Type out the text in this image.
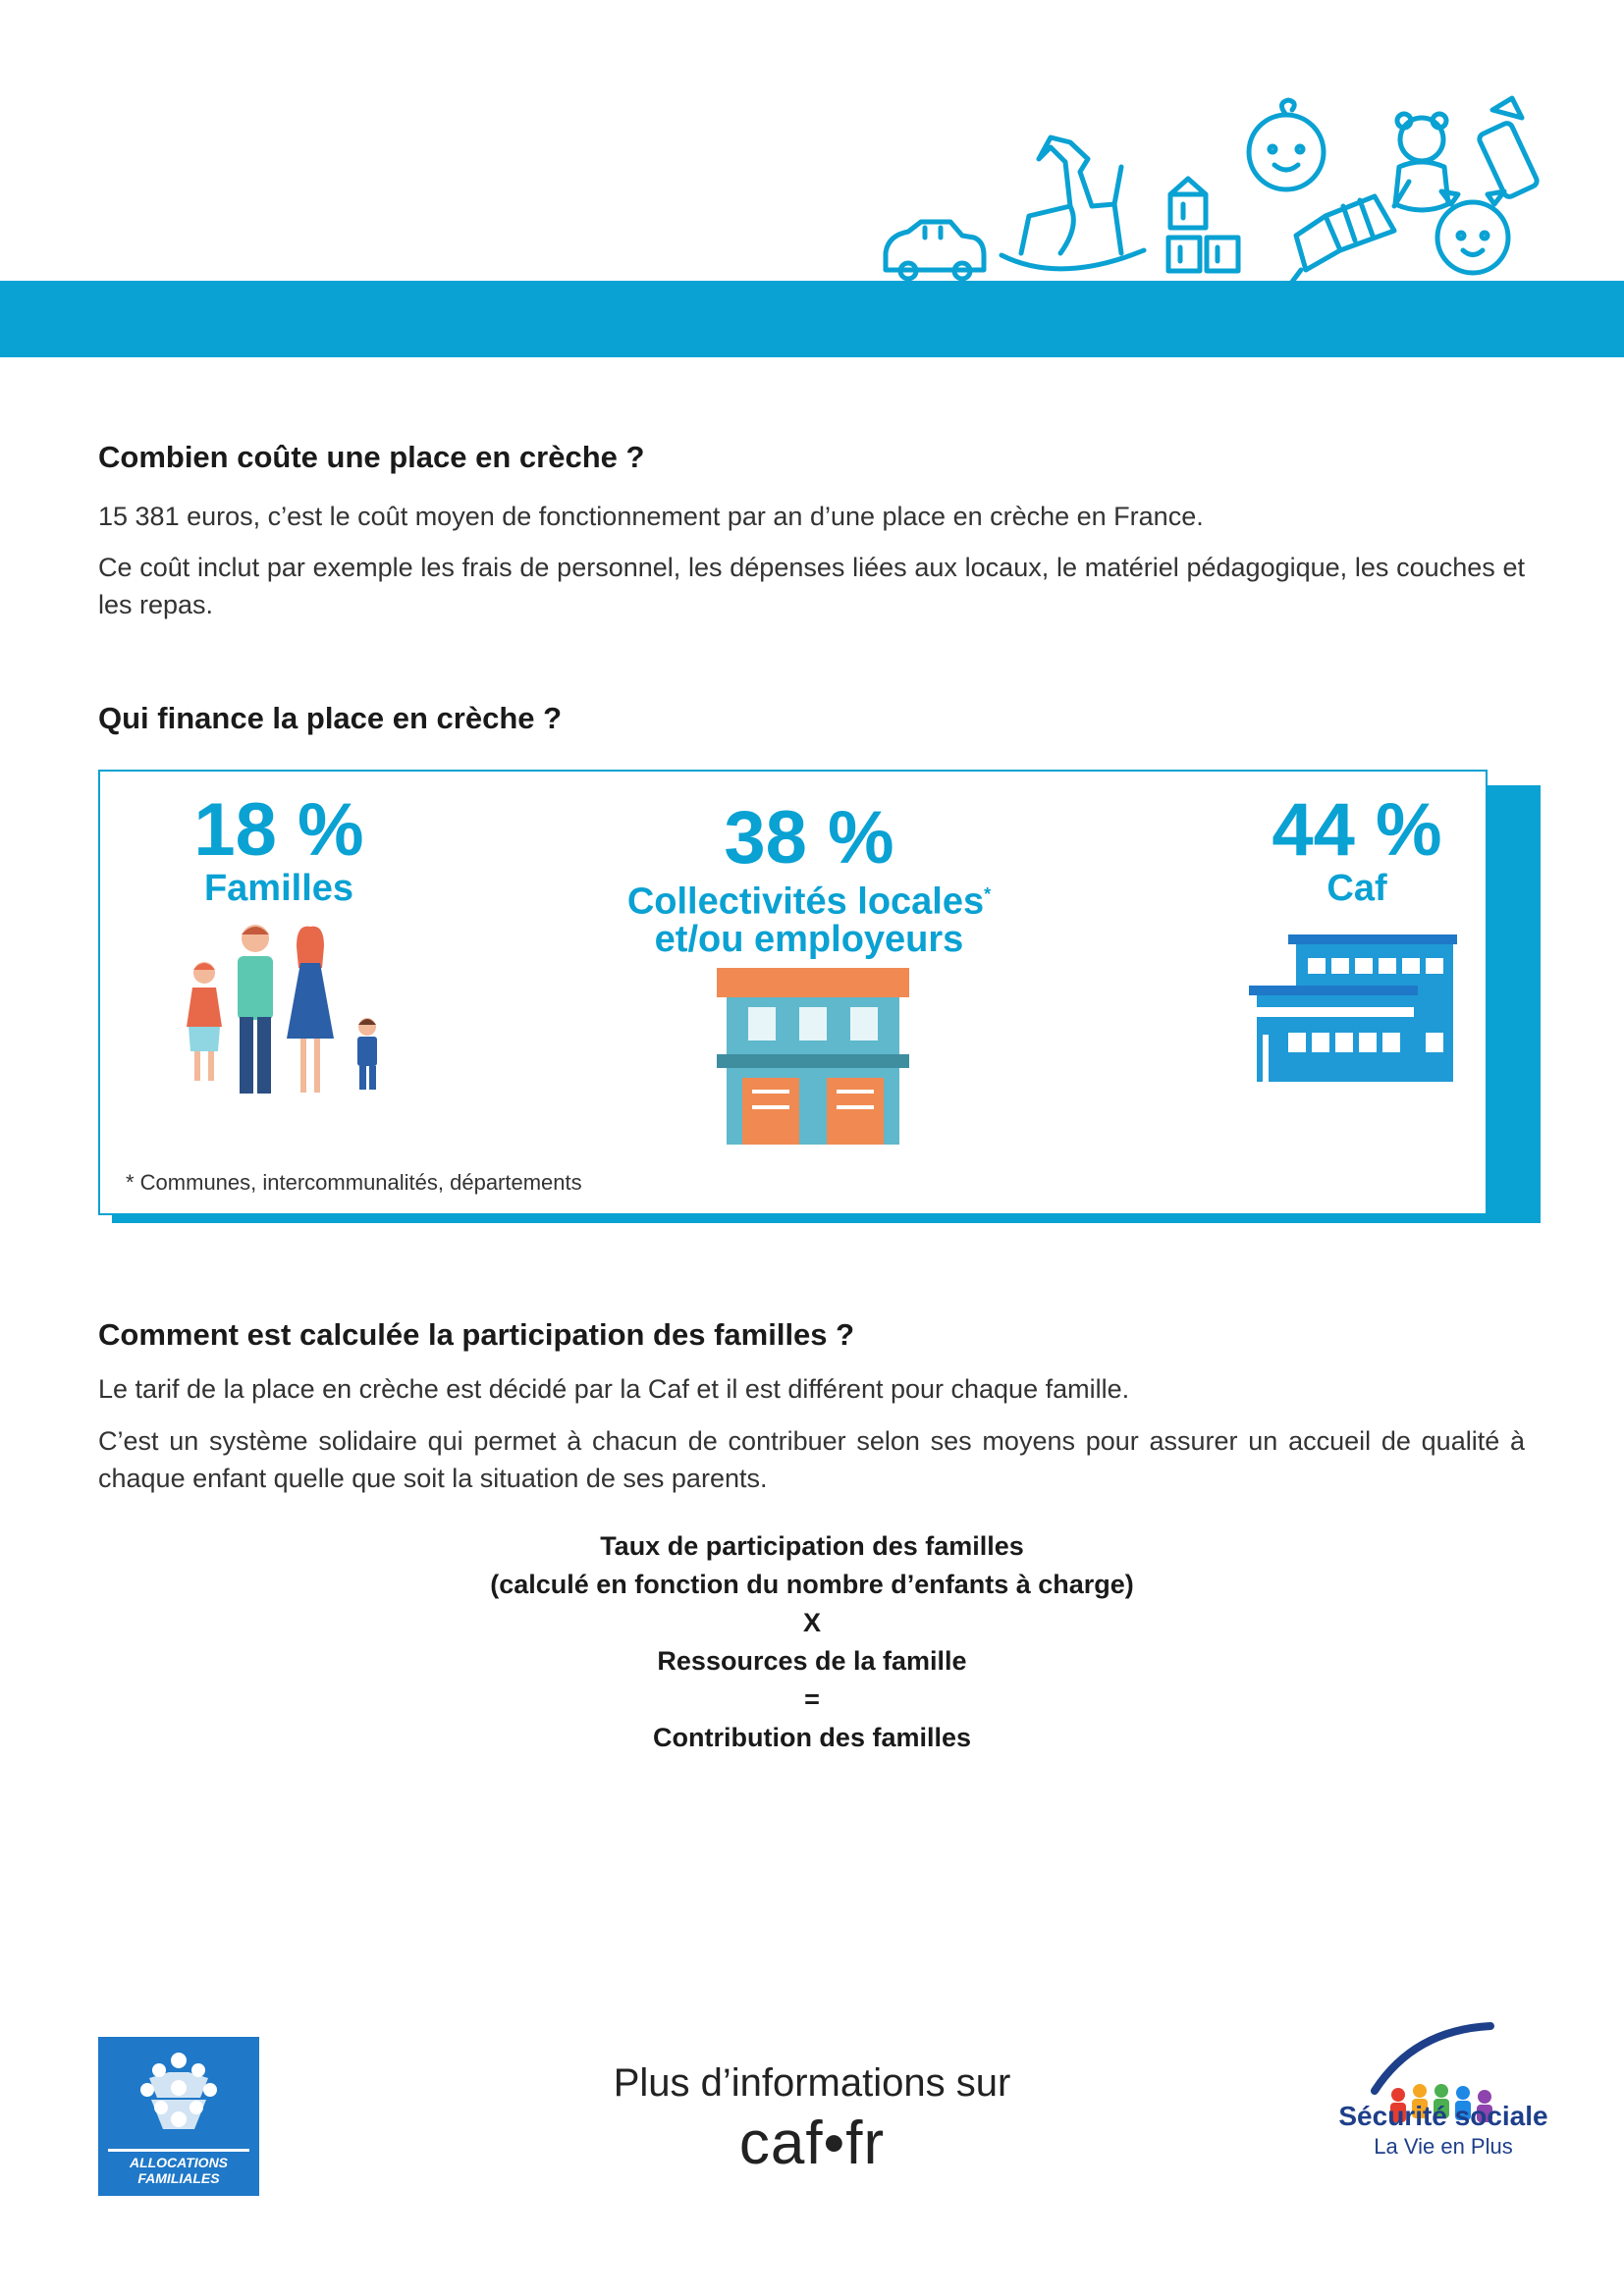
Combien coûte une place en crèche ?

15 381 euros, c’est le coût moyen de fonctionnement par an d’une place en crèche en France.

Ce coût inclut par exemple les frais de personnel, les dépenses liées aux locaux, le matériel pédagogique, les couches et les repas.

Qui finance la place en crèche ?
18 %
Familles
38 %
Collectivités locales*
et/ou employeurs
44 %
Caf
* Communes, intercommunalités, départements
Comment est calculée la participation des familles ?

Le tarif de la place en crèche est décidé par la Caf et il est différent pour chaque famille.

C’est un système solidaire qui permet à chacun de contribuer selon ses moyens pour assurer un accueil de qualité à chaque enfant quelle que soit la situation de ses parents.

Taux de participation des familles
(calculé en fonction du nombre d’enfants à charge)
X
Ressources de la famille
=
Contribution des familles
ALLOCATIONS
FAMILIALES
Plus d’informations sur
caf•fr	Sécurité sociale
La Vie en Plus
